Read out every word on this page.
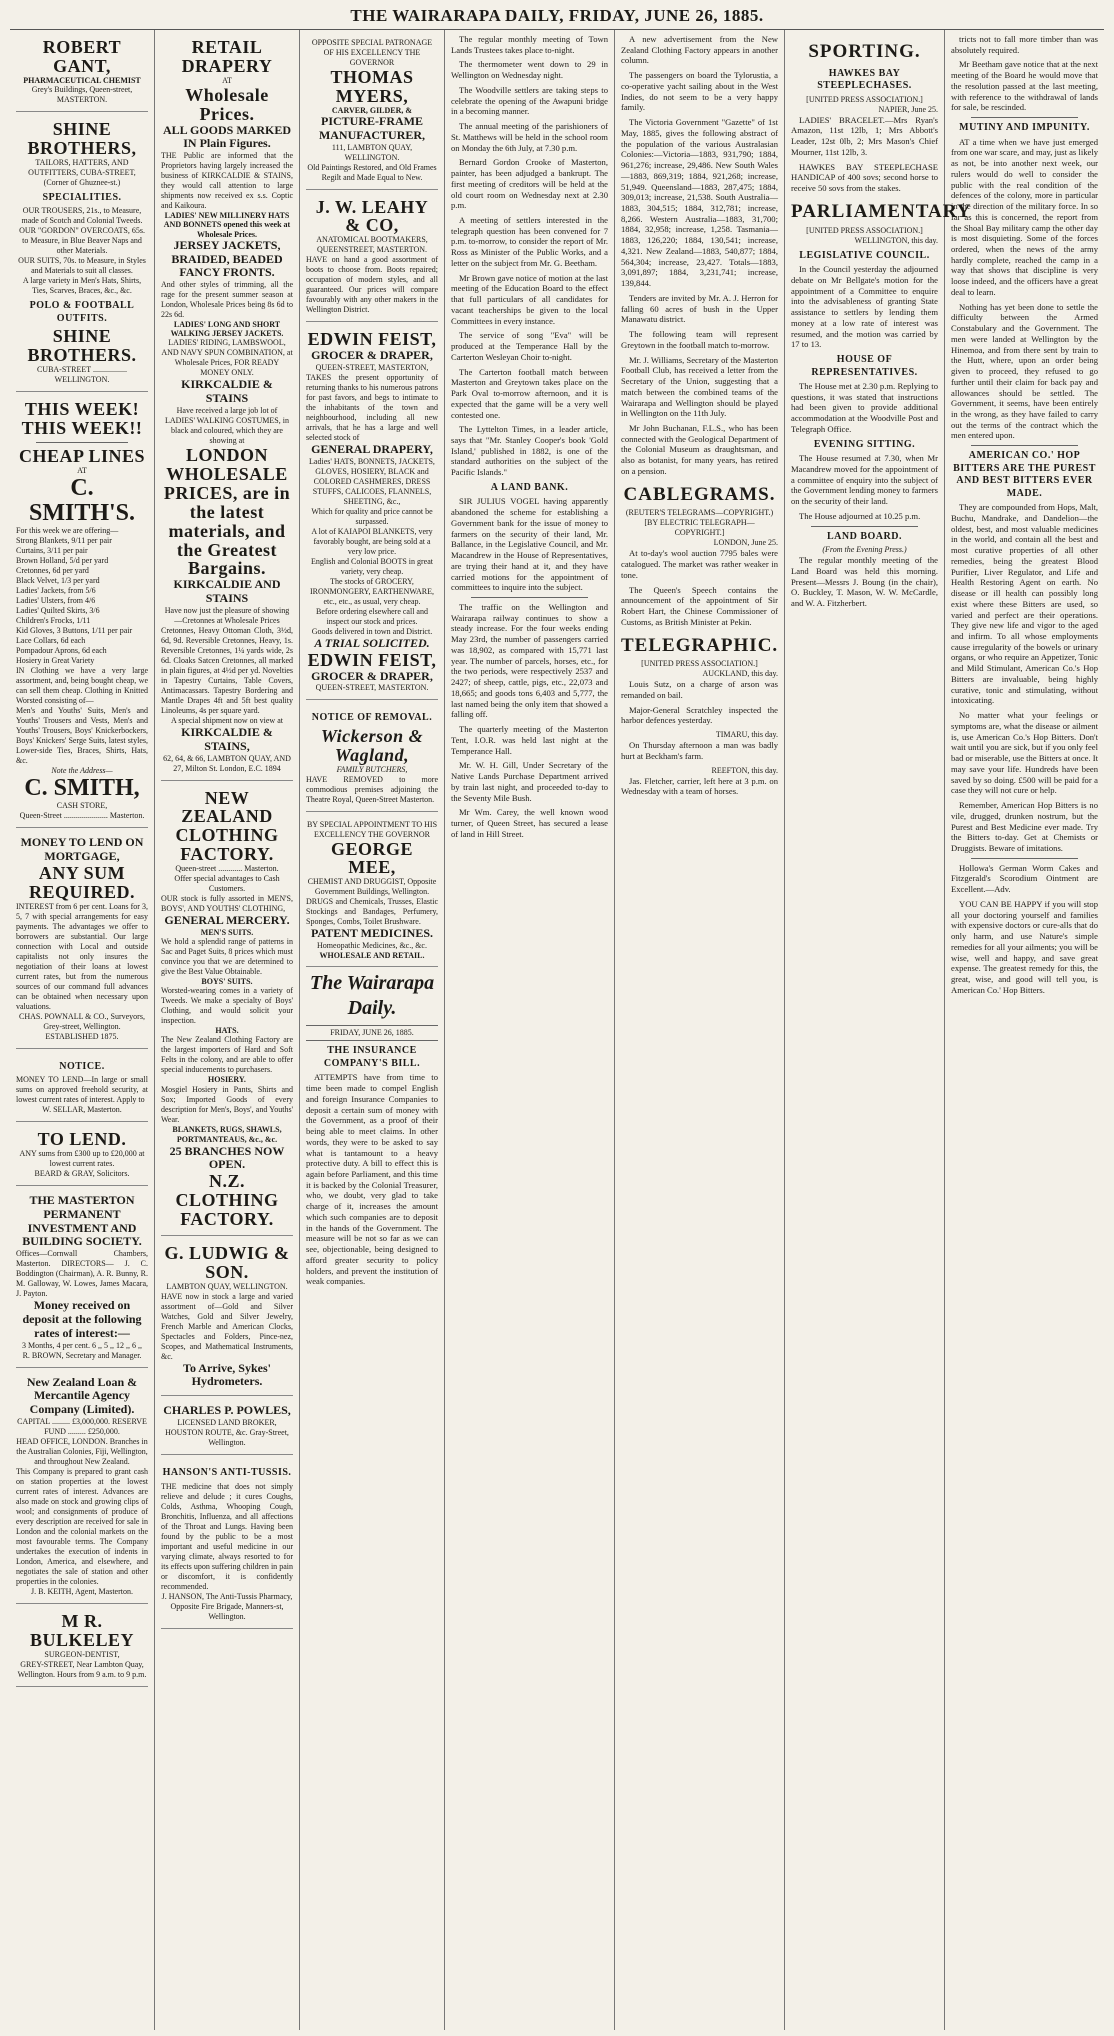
THE WAIRARAPA DAILY, FRIDAY, JUNE 26, 1885.

ROBERT GANT,
PHARMACEUTICAL CHEMIST
Grey's Buildings, Queen-street, MASTERTON.
SHINE BROTHERS,
TAILORS, HATTERS, AND OUTFITTERS, CUBA-STREET, (Corner of Ghuznee-st.)
SPECIALITIES.
OUR TROUSERS, 21s., to Measure, made of Scotch and Colonial Tweeds.
OUR "GORDON" OVERCOATS, 65s. to Measure, in Blue Beaver Naps and other Materials.
OUR SUITS, 70s. to Measure, in Styles and Materials to suit all classes.
A large variety in Men's Hats, Shirts, Ties, Scarves, Braces, &c., &c.
POLO & FOOTBALL OUTFITS.
SHINE BROTHERS.
CUBA-STREET ................. WELLINGTON.
THIS WEEK!
THIS WEEK!!
CHEAP LINES
AT
C. SMITH'S.
For this week we are offering—
Strong Blankets, 9/11 per pair
Curtains, 3/11 per pair
Brown Holland, 5/d per yard
Cretonnes, 6d per yard
Black Velvet, 1/3 per yard
Ladies' Jackets, from 5/6
Ladies' Ulsters, from 4/6
Ladies' Quilted Skirts, 3/6
Children's Frocks, 1/11
Kid Gloves, 3 Buttons, 1/11 per pair
Lace Collars, 6d each
Pompadour Aprons, 6d each
Hosiery in Great Variety
IN Clothing we have a very large assortment, and, being bought cheap, we can sell them cheap. Clothing in Knitted Worsted consisting of—
Men's and Youths' Suits, Men's and Youths' Trousers and Vests, Men's and Youths' Trousers, Boys' Knickerbockers, Boys' Knickers' Serge Suits, latest styles, Lower-side Ties, Braces, Shirts, Hats, &c.
Note the Address—
C. SMITH,
CASH STORE,
Queen-Street ...................... Masterton.
MONEY TO LEND ON MORTGAGE,
ANY SUM REQUIRED.
INTEREST from 6 per cent. Loans for 3, 5, 7 with special arrangements for easy payments. The advantages we offer to borrowers are substantial. Our large connection with Local and outside capitalists not only insures the negotiation of their loans at lowest current rates, but from the numerous sources of our command full advances can be obtained when necessary upon valuations.
CHAS. POWNALL & CO., Surveyors, Grey-street, Wellington. ESTABLISHED 1875.
NOTICE.
MONEY TO LEND—In large or small sums on approved freehold security, at lowest current rates of interest. Apply to
W. SELLAR, Masterton.
TO LEND.
ANY sums from £300 up to £20,000 at lowest current rates.
BEARD & GRAY, Solicitors.
THE MASTERTON PERMANENT INVESTMENT AND BUILDING SOCIETY.
Offices—Cornwall Chambers, Masterton. DIRECTORS— J. C. Boddington (Chairman), A. R. Bunny, R. M. Galloway, W. Lowes, James Macara, J. Payton.
Money received on deposit at the following rates of interest:—
3 Months, 4 per cent. 6 ,, 5 ,, 12 ,, 6 ,,
R. BROWN, Secretary and Manager.
New Zealand Loan & Mercantile Agency Company (Limited).
CAPITAL ......... £3,000,000. RESERVE FUND ......... £250,000.
HEAD OFFICE, LONDON. Branches in the Australian Colonies, Fiji, Wellington, and throughout New Zealand.
This Company is prepared to grant cash on station properties at the lowest current rates of interest. Advances are also made on stock and growing clips of wool; and consignments of produce of every description are received for sale in London and the colonial markets on the most favourable terms. The Company undertakes the execution of indents in London, America, and elsewhere, and negotiates the sale of station and other properties in the colonies.
J. B. KEITH, Agent, Masterton.
M R. BULKELEY
SURGEON-DENTIST,
GREY-STREET, Near Lambton Quay, Wellington. Hours from 9 a.m. to 9 p.m.
RETAIL DRAPERY
AT
Wholesale Prices.
ALL GOODS MARKED IN Plain Figures.
THE Public are informed that the Proprietors having largely increased the business of KIRKCALDIE & STAINS, they would call attention to large shipments now received ex s.s. Coptic and Kaikoura.
LADIES' NEW MILLINERY HATS AND BONNETS opened this week at Wholesale Prices.
JERSEY JACKETS, BRAIDED, BEADED FANCY FRONTS.
And other styles of trimming, all the rage for the present summer season at London, Wholesale Prices being 8s 6d to 22s 6d.
LADIES' LONG AND SHORT WALKING JERSEY JACKETS.
LADIES' RIDING, LAMBSWOOL, AND NAVY SPUN COMBINATION, at Wholesale Prices, FOR READY MONEY ONLY.
KIRKCALDIE & STAINS
Have received a large job lot of LADIES' WALKING COSTUMES, in black and coloured, which they are showing at
LONDON WHOLESALE PRICES, are in the latest materials, and the Greatest Bargains.
KIRKCALDIE AND STAINS
Have now just the pleasure of showing—Cretonnes at Wholesale Prices
Cretonnes, Heavy Ottoman Cloth, 3½d, 6d, 9d. Reversible Cretonnes, Heavy, 1s. Reversible Cretonnes, 1¼ yards wide, 2s 6d. Cloaks Satcen Cretonnes, all marked in plain figures, at 4½d per yd. Novelties in Tapestry Curtains, Table Covers, Antimacassars. Tapestry Bordering and Mantle Drapes 4ft and 5ft best quality Linoleums, 4s per square yard.
A special shipment now on view at
KIRKCALDIE & STAINS,
62, 64, & 66, LAMBTON QUAY, AND 27, Milton St. London, E.C. 1894
NEW ZEALAND CLOTHING FACTORY.
Queen-street ............ Masterton.
Offer special advantages to Cash Customers.
OUR stock is fully assorted in MEN'S, BOYS', AND YOUTHS' CLOTHING,
GENERAL MERCERY.
MEN'S SUITS.
We hold a splendid range of patterns in Sac and Paget Suits, 8 prices which must convince you that we are determined to give the Best Value Obtainable.
BOYS' SUITS.
Worsted-wearing comes in a variety of Tweeds. We make a specialty of Boys' Clothing, and would solicit your inspection.
HATS.
The New Zealand Clothing Factory are the largest importers of Hard and Soft Felts in the colony, and are able to offer special inducements to purchasers.
HOSIERY.
Mosgiel Hosiery in Pants, Shirts and Sox; Imported Goods of every description for Men's, Boys', and Youths' Wear.
BLANKETS, RUGS, SHAWLS, PORTMANTEAUS, &c., &c.
25 BRANCHES NOW OPEN.
N.Z. CLOTHING FACTORY.
G. LUDWIG & SON.
LAMBTON QUAY, WELLINGTON.
HAVE now in stock a large and varied assortment of—Gold and Silver Watches, Gold and Silver Jewelry, French Marble and American Clocks, Spectacles and Folders, Pince-nez, Scopes, and Mathematical Instruments, &c.
To Arrive, Sykes' Hydrometers.
CHARLES P. POWLES,
LICENSED LAND BROKER, HOUSTON ROUTE, &c. Gray-Street, Wellington.
HANSON'S ANTI-TUSSIS.
THE medicine that does not simply relieve and delude ; it cures Coughs, Colds, Asthma, Whooping Cough, Bronchitis, Influenza, and all affections of the Throat and Lungs. Having been found by the public to be a most important and useful medicine in our varying climate, always resorted to for its effects upon suffering children in pain or discomfort, it is confidently recommended.
J. HANSON, The Anti-Tussis Pharmacy, Opposite Fire Brigade, Manners-st, Wellington.
OPPOSITE SPECIAL PATRONAGE OF HIS EXCELLENCY THE GOVERNOR
THOMAS MYERS,
CARVER, GILDER, &
PICTURE-FRAME MANUFACTURER,
111, LAMBTON QUAY, WELLINGTON.
Old Paintings Restored, and Old Frames Regilt and Made Equal to New.
J. W. LEAHY & CO,
ANATOMICAL BOOTMAKERS, QUEENSTREET, MASTERTON.
HAVE on hand a good assortment of boots to choose from. Boots repaired; occupation of modern styles, and all guaranteed. Our prices will compare favourably with any other makers in the Wellington District.
EDWIN FEIST,
GROCER & DRAPER,
QUEEN-STREET, MASTERTON,
TAKES the present opportunity of returning thanks to his numerous patrons for past favors, and begs to intimate to the inhabitants of the town and neighbourhood, including all new arrivals, that he has a large and well selected stock of
GENERAL DRAPERY,
Ladies' HATS, BONNETS, JACKETS, GLOVES, HOSIERY, BLACK and COLORED CASHMERES, DRESS STUFFS, CALICOES, FLANNELS, SHEETING, &c.,
Which for quality and price cannot be surpassed.
A lot of KAIAPOI BLANKETS, very favorably bought, are being sold at a very low price.
English and Colonial BOOTS in great variety, very cheap.
The stocks of GROCERY, IRONMONGERY, EARTHENWARE, etc., etc., as usual, very cheap.
Before ordering elsewhere call and inspect our stock and prices.
Goods delivered in town and District.
A TRIAL SOLICITED.
EDWIN FEIST,
GROCER & DRAPER,
QUEEN-STREET, MASTERTON.
NOTICE OF REMOVAL.
Wickerson & Wagland,
FAMILY BUTCHERS,
HAVE REMOVED to more commodious premises adjoining the Theatre Royal, Queen-Street Masterton.
BY SPECIAL APPOINTMENT TO HIS EXCELLENCY THE GOVERNOR
GEORGE MEE,
CHEMIST AND DRUGGIST, Opposite Government Buildings, Wellington.
DRUGS and Chemicals, Trusses, Elastic Stockings and Bandages, Perfumery, Sponges, Combs, Toilet Brushware.
PATENT MEDICINES.
Homeopathic Medicines, &c., &c.
WHOLESALE AND RETAIL.
The Wairarapa Daily.
FRIDAY, JUNE 26, 1885.
THE INSURANCE COMPANY'S BILL.

ATTEMPTS have from time to time been made to compel English and foreign Insurance Companies to deposit a certain sum of money with the Government, as a proof of their being able to meet claims. In other words, they were to be asked to say what is tantamount to a heavy protective duty. A bill to effect this is again before Parliament, and this time it is backed by the Colonial Treasurer, who, we doubt, very glad to take charge of it, increases the amount which such companies are to deposit in the hands of the Government. The measure will be not so far as we can see, objectionable, being designed to afford greater security to policy holders, and prevent the institution of weak companies.

The regular monthly meeting of Town Lands Trustees takes place to-night.

The thermometer went down to 29 in Wellington on Wednesday night.

The Woodville settlers are taking steps to celebrate the opening of the Awapuni bridge in a becoming manner.

The annual meeting of the parishioners of St. Matthews will be held in the school room on Monday the 6th July, at 7.30 p.m.

Bernard Gordon Crooke of Masterton, painter, has been adjudged a bankrupt. The first meeting of creditors will be held at the old court room on Wednesday next at 2.30 p.m.

A meeting of settlers interested in the telegraph question has been convened for 7 p.m. to-morrow, to consider the report of Mr. Ross as Minister of the Public Works, and a letter on the subject from Mr. G. Beetham.

Mr Brown gave notice of motion at the last meeting of the Education Board to the effect that full particulars of all candidates for vacant teacherships be given to the local Committees in every instance.

The service of song "Eva" will be produced at the Temperance Hall by the Carterton Wesleyan Choir to-night.

The Carterton football match between Masterton and Greytown takes place on the Park Oval to-morrow afternoon, and it is expected that the game will be a very well contested one.

The Lyttelton Times, in a leader article, says that "Mr. Stanley Cooper's book 'Gold Island,' published in 1882, is one of the standard authorities on the subject of the Pacific Islands."

A LAND BANK.

SIR JULIUS VOGEL having apparently abandoned the scheme for establishing a Government bank for the issue of money to farmers on the security of their land, Mr. Ballance, in the Legislative Council, and Mr. Macandrew in the House of Representatives, are trying their hand at it, and they have carried motions for the appointment of committees to inquire into the subject.

The traffic on the Wellington and Wairarapa railway continues to show a steady increase. For the four weeks ending May 23rd, the number of passengers carried was 18,902, as compared with 15,771 last year. The number of parcels, horses, etc., for the two periods, were respectively 2537 and 2427; of sheep, cattle, pigs, etc., 22,073 and 18,665; and goods tons 6,403 and 5,777, the last named being the only item that showed a falling off.

The quarterly meeting of the Masterton Tent, I.O.R. was held last night at the Temperance Hall.

Mr. W. H. Gill, Under Secretary of the Native Lands Purchase Department arrived by train last night, and proceeded to-day to the Seventy Mile Bush.

Mr Wm. Carey, the well known wood turner, of Queen Street, has secured a lease of land in Hill Street.

A new advertisement from the New Zealand Clothing Factory appears in another column.

The passengers on board the Tylorustia, a co-operative yacht sailing about in the West Indies, do not seem to be a very happy family.

The Victoria Government "Gazette" of 1st May, 1885, gives the following abstract of the population of the various Australasian Colonies:—Victoria—1883, 931,790; 1884, 961,276; increase, 29,486. New South Wales—1883, 869,319; 1884, 921,268; increase, 51,949. Queensland—1883, 287,475; 1884, 309,013; increase, 21,538. South Australia—1883, 304,515; 1884, 312,781; increase, 8,266. Western Australia—1883, 31,700; 1884, 32,958; increase, 1,258. Tasmania—1883, 126,220; 1884, 130,541; increase, 4,321. New Zealand—1883, 540,877; 1884, 564,304; increase, 23,427. Totals—1883, 3,091,897; 1884, 3,231,741; increase, 139,844.

Tenders are invited by Mr. A. J. Herron for falling 60 acres of bush in the Upper Manawatu district.

The following team will represent Greytown in the football match to-morrow.

Mr. J. Williams, Secretary of the Masterton Football Club, has received a letter from the Secretary of the Union, suggesting that a match between the combined teams of the Wairarapa and Wellington should be played in Wellington on the 11th July.

Mr John Buchanan, F.L.S., who has been connected with the Geological Department of the Colonial Museum as draughtsman, and also as botanist, for many years, has retired on a pension.

CABLEGRAMS.
(REUTER'S TELEGRAMS—COPYRIGHT.)
[BY ELECTRIC TELEGRAPH—COPYRIGHT.]
LONDON, June 25.

At to-day's wool auction 7795 bales were catalogued. The market was rather weaker in tone.

The Queen's Speech contains the announcement of the appointment of Sir Robert Hart, the Chinese Commissioner of Customs, as British Minister at Pekin.

TELEGRAPHIC.
[UNITED PRESS ASSOCIATION.]
AUCKLAND, this day.

Louis Sutz, on a charge of arson was remanded on bail.

Major-General Scratchley inspected the harbor defences yesterday.

TIMARU, this day.

On Thursday afternoon a man was badly hurt at Beckham's farm.

REEFTON, this day.

Jas. Fletcher, carrier, left here at 3 p.m. on Wednesday with a team of horses.

SPORTING.
HAWKES BAY STEEPLECHASES.
[UNITED PRESS ASSOCIATION.]
NAPIER, June 25.

LADIES' BRACELET.—Mrs Ryan's Amazon, 11st 12lb, 1; Mrs Abbott's Leader, 12st 0lb, 2; Mrs Mason's Chief Mourner, 11st 12lb, 3.

HAWKES BAY STEEPLECHASE HANDICAP of 400 sovs; second horse to receive 50 sovs from the stakes.

PARLIAMENTARY
[UNITED PRESS ASSOCIATION.]
WELLINGTON, this day.
LEGISLATIVE COUNCIL.

In the Council yesterday the adjourned debate on Mr Bellgate's motion for the appointment of a Committee to enquire into the advisableness of granting State assistance to settlers by lending them money at a low rate of interest was resumed, and the motion was carried by 17 to 13.

HOUSE OF REPRESENTATIVES.

The House met at 2.30 p.m. Replying to questions, it was stated that instructions had been given to provide additional accommodation at the Woodville Post and Telegraph Office.

EVENING SITTING.

The House resumed at 7.30, when Mr Macandrew moved for the appointment of a committee of enquiry into the subject of the Government lending money to farmers on the security of their land.

The House adjourned at 10.25 p.m.

LAND BOARD.
(From the Evening Press.)

The regular monthly meeting of the Land Board was held this morning. Present—Messrs J. Boung (in the chair), O. Buckley, T. Mason, W. W. McCardle, and W. A. Fitzherbert.

tricts not to fall more timber than was absolutely required.

Mr Beetham gave notice that at the next meeting of the Board he would move that the resolution passed at the last meeting, with reference to the withdrawal of lands for sale, be rescinded.

MUTINY AND IMPUNITY.

AT a time when we have just emerged from one war scare, and may, just as likely as not, be into another next week, our rulers would do well to consider the public with the real condition of the defences of the colony, more in particular in the direction of the military force. In so far as this is concerned, the report from the Shoal Bay military camp the other day is most disquieting. Some of the forces ordered, when the news of the army hardly complete, reached the camp in a way that shows that discipline is very loose indeed, and the officers have a great deal to learn.

Nothing has yet been done to settle the difficulty between the Armed Constabulary and the Government. The men were landed at Wellington by the Hinemoa, and from there sent by train to the Hutt, where, upon an order being given to proceed, they refused to go further until their claim for back pay and allowances should be settled. The Government, it seems, have been entirely in the wrong, as they have failed to carry out the terms of the contract which the men entered upon.

AMERICAN CO.' HOP BITTERS ARE THE PUREST AND BEST BITTERS EVER MADE.

They are compounded from Hops, Malt, Buchu, Mandrake, and Dandelion—the oldest, best, and most valuable medicines in the world, and contain all the best and most curative properties of all other remedies, being the greatest Blood Purifier, Liver Regulator, and Life and Health Restoring Agent on earth. No disease or ill health can possibly long exist where these Bitters are used, so varied and perfect are their operations. They give new life and vigor to the aged and infirm. To all whose employments cause irregularity of the bowels or urinary organs, or who require an Appetizer, Tonic and Mild Stimulant, American Co.'s Hop Bitters are invaluable, being highly curative, tonic and stimulating, without intoxicating.

No matter what your feelings or symptoms are, what the disease or ailment is, use American Co.'s Hop Bitters. Don't wait until you are sick, but if you only feel bad or miserable, use the Bitters at once. It may save your life. Hundreds have been saved by so doing. £500 will be paid for a case they will not cure or help.

Remember, American Hop Bitters is no vile, drugged, drunken nostrum, but the Purest and Best Medicine ever made. Try the Bitters to-day. Get at Chemists or Druggists. Beware of imitations.

Hollowa's German Worm Cakes and Fitzgerald's Scorodium Ointment are Excellent.—Adv.

YOU CAN BE HAPPY if you will stop all your doctoring yourself and families with expensive doctors or cure-alls that do only harm, and use Nature's simple remedies for all your ailments; you will be wise, well and happy, and save great expense. The greatest remedy for this, the great, wise, and good will tell you, is American Co.' Hop Bitters.
